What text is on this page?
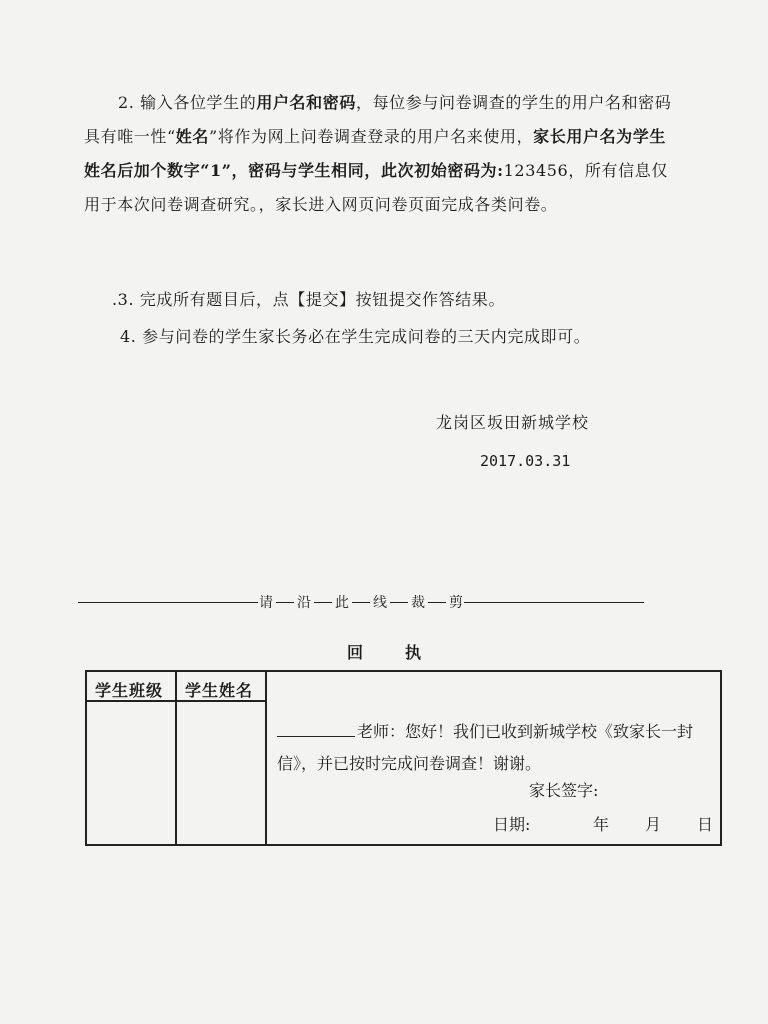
2. 输入各位学生的用户名和密码，每位参与问卷调查的学生的用户名和密码具有唯一性“姓名”将作为网上问卷调查登录的用户名来使用，家长用户名为学生姓名后加个数字“1”，密码与学生相同，此次初始密码为:123456，所有信息仅用于本次问卷调查研究。，家长进入网页问卷页面完成各类问卷。

.3. 完成所有题目后，点【提交】按钮提交作答结果。

4. 参与问卷的学生家长务必在学生完成问卷的三天内完成即可。

龙岗区坂田新城学校
2017.03.31
请 沿 此 线 裁 剪
回执
学生班级	学生姓名
老师：您好！我们已收到新城学校《致家长一封信》，并已按时完成问卷调查！谢谢。
家长签字:
日期:	年 月 日
